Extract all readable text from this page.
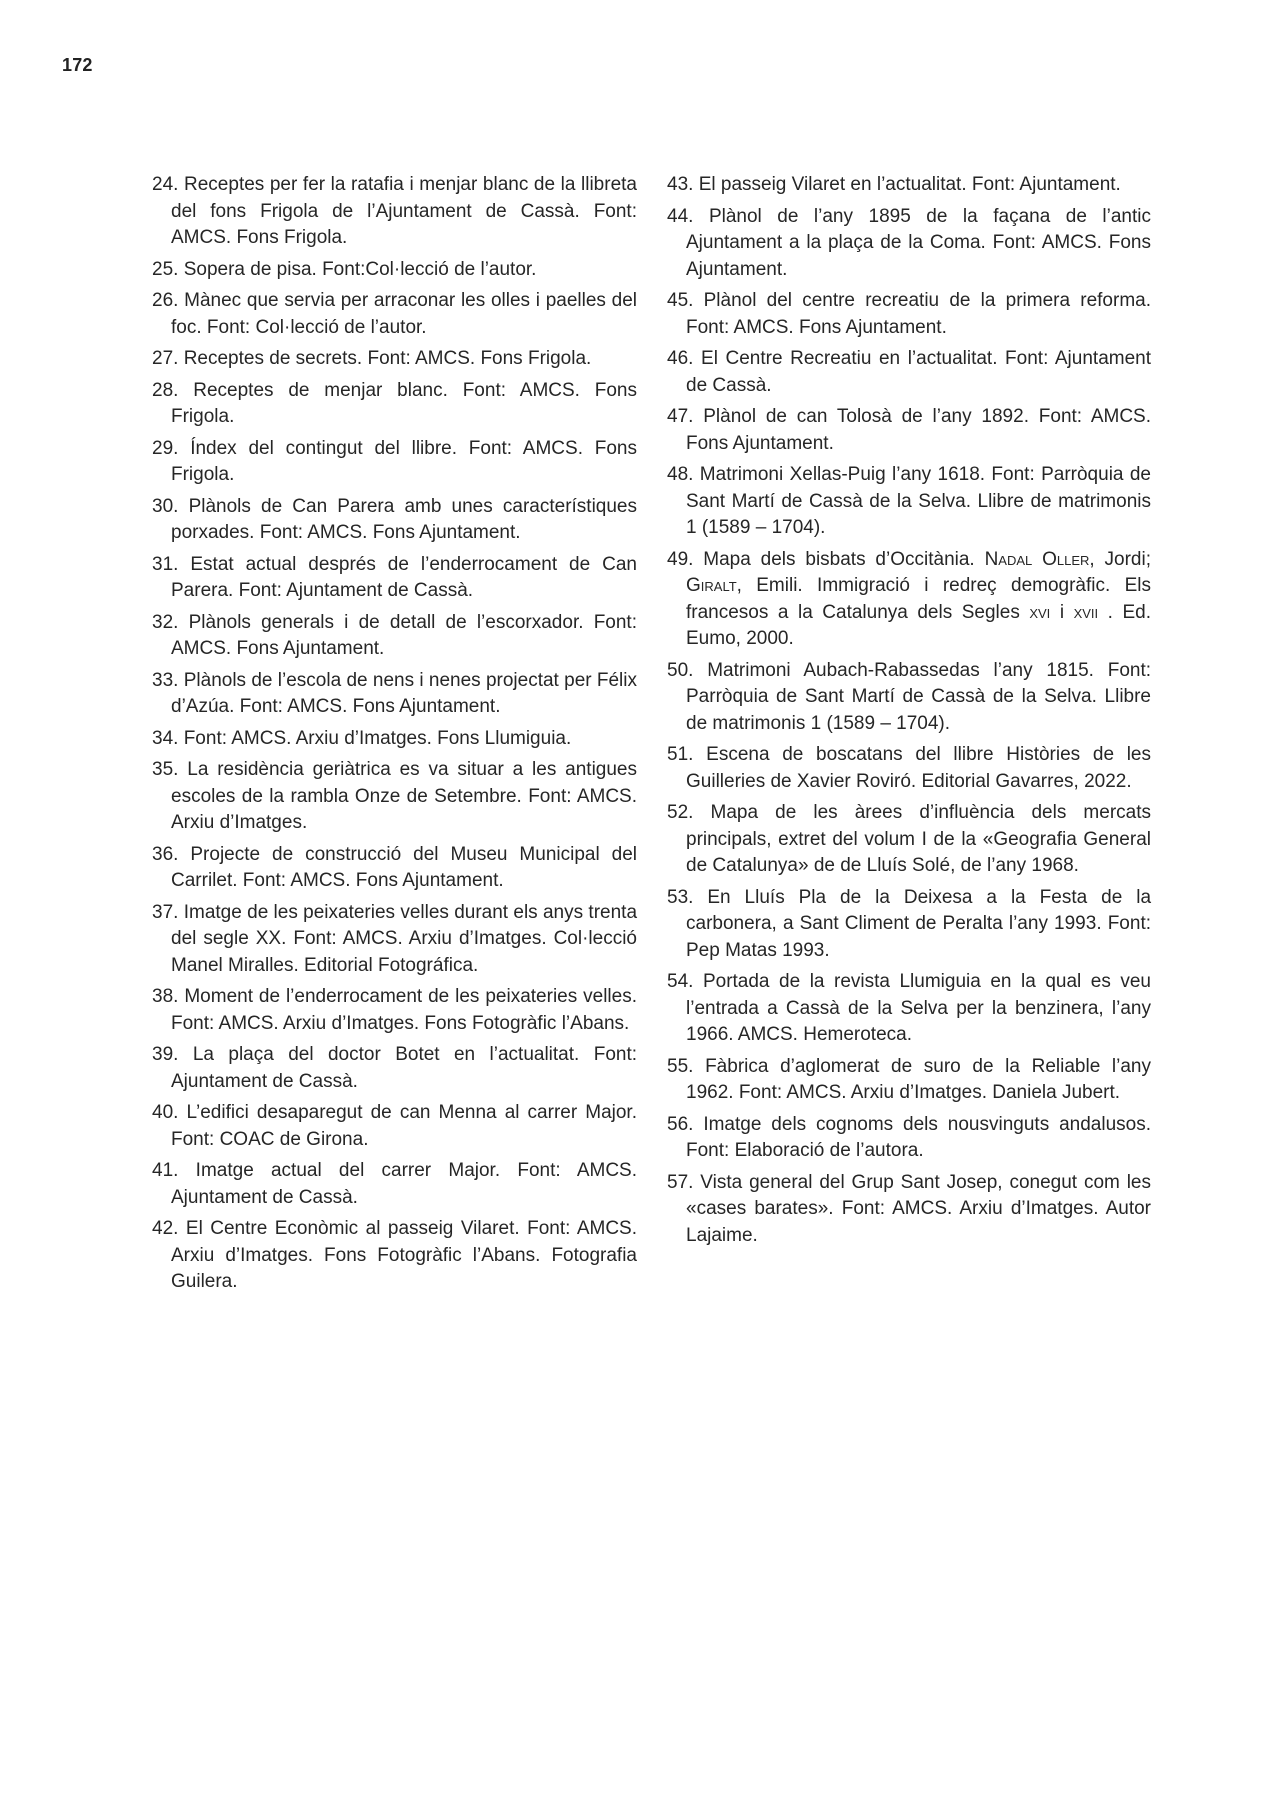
172

24. Receptes per fer la ratafia i menjar blanc de la llibreta del fons Frigola de l’Ajuntament de Cassà. Font: AMCS. Fons Frigola.

25. Sopera de pisa. Font:Col·lecció de l’autor.

26. Mànec que servia per arraconar les olles i paelles del foc. Font: Col·lecció de l’autor.

27. Receptes de secrets. Font: AMCS. Fons Frigola.

28. Receptes de menjar blanc. Font: AMCS. Fons Frigola.

29. Índex del contingut del llibre. Font: AMCS. Fons Frigola.

30. Plànols de Can Parera amb unes característiques porxades. Font: AMCS. Fons Ajuntament.

31. Estat actual després de l’enderrocament de Can Parera. Font: Ajuntament de Cassà.

32. Plànols generals i de detall de l’escorxador. Font: AMCS. Fons Ajuntament.

33. Plànols de l’escola de nens i nenes projectat per Félix d’Azúa. Font: AMCS. Fons Ajuntament.

34. Font: AMCS. Arxiu d’Imatges. Fons Llumiguia.

35. La residència geriàtrica es va situar a les antigues escoles de la rambla Onze de Setembre. Font: AMCS. Arxiu d’Imatges.

36. Projecte de construcció del Museu Municipal del Carrilet. Font: AMCS. Fons Ajuntament.

37. Imatge de les peixateries velles durant els anys trenta del segle XX. Font: AMCS. Arxiu d’Imatges. Col·lecció Manel Miralles. Editorial Fotográfica.

38. Moment de l’enderrocament de les peixateries velles. Font: AMCS. Arxiu d’Imatges. Fons Fotogràfic l’Abans.

39. La plaça del doctor Botet en l’actualitat. Font: Ajuntament de Cassà.

40. L’edifici desaparegut de can Menna al carrer Major. Font: COAC de Girona.

41. Imatge actual del carrer Major. Font: AMCS. Ajuntament de Cassà.

42. El Centre Econòmic al passeig Vilaret. Font: AMCS. Arxiu d’Imatges. Fons Fotogràfic l’Abans. Fotografia Guilera.

43. El passeig Vilaret en l’actualitat. Font: Ajuntament.

44. Plànol de l’any 1895 de la façana de l’antic Ajuntament a la plaça de la Coma. Font: AMCS. Fons Ajuntament.

45. Plànol del centre recreatiu de la primera reforma. Font: AMCS. Fons Ajuntament.

46. El Centre Recreatiu en l’actualitat. Font: Ajuntament de Cassà.

47. Plànol de can Tolosà de l’any 1892. Font: AMCS. Fons Ajuntament.

48. Matrimoni Xellas-Puig l’any 1618. Font: Parròquia de Sant Martí de Cassà de la Selva. Llibre de matrimonis 1 (1589 – 1704).

49. Mapa dels bisbats d’Occitània. Nadal Oller, Jordi; Giralt, Emili. Immigració i redreç demogràfic. Els francesos a la Catalunya dels Segles xvi i xvii . Ed. Eumo, 2000.

50. Matrimoni Aubach-Rabassedas l’any 1815. Font: Parròquia de Sant Martí de Cassà de la Selva. Llibre de matrimonis 1 (1589 – 1704).

51. Escena de boscatans del llibre Històries de les Guilleries de Xavier Roviró. Editorial Gavarres, 2022.

52. Mapa de les àrees d’influència dels mercats principals, extret del volum I de la «Geografia General de Catalunya» de de Lluís Solé, de l’any 1968.

53. En Lluís Pla de la Deixesa a la Festa de la carbonera, a Sant Climent de Peralta l’any 1993. Font: Pep Matas 1993.

54. Portada de la revista Llumiguia en la qual es veu l’entrada a Cassà de la Selva per la benzinera, l’any 1966. AMCS. Hemeroteca.

55. Fàbrica d’aglomerat de suro de la Reliable l’any 1962. Font: AMCS. Arxiu d’Imatges. Daniela Jubert.

56. Imatge dels cognoms dels nousvinguts andalusos. Font: Elaboració de l’autora.

57. Vista general del Grup Sant Josep, conegut com les «cases barates». Font: AMCS. Arxiu d’Imatges. Autor Lajaime.
